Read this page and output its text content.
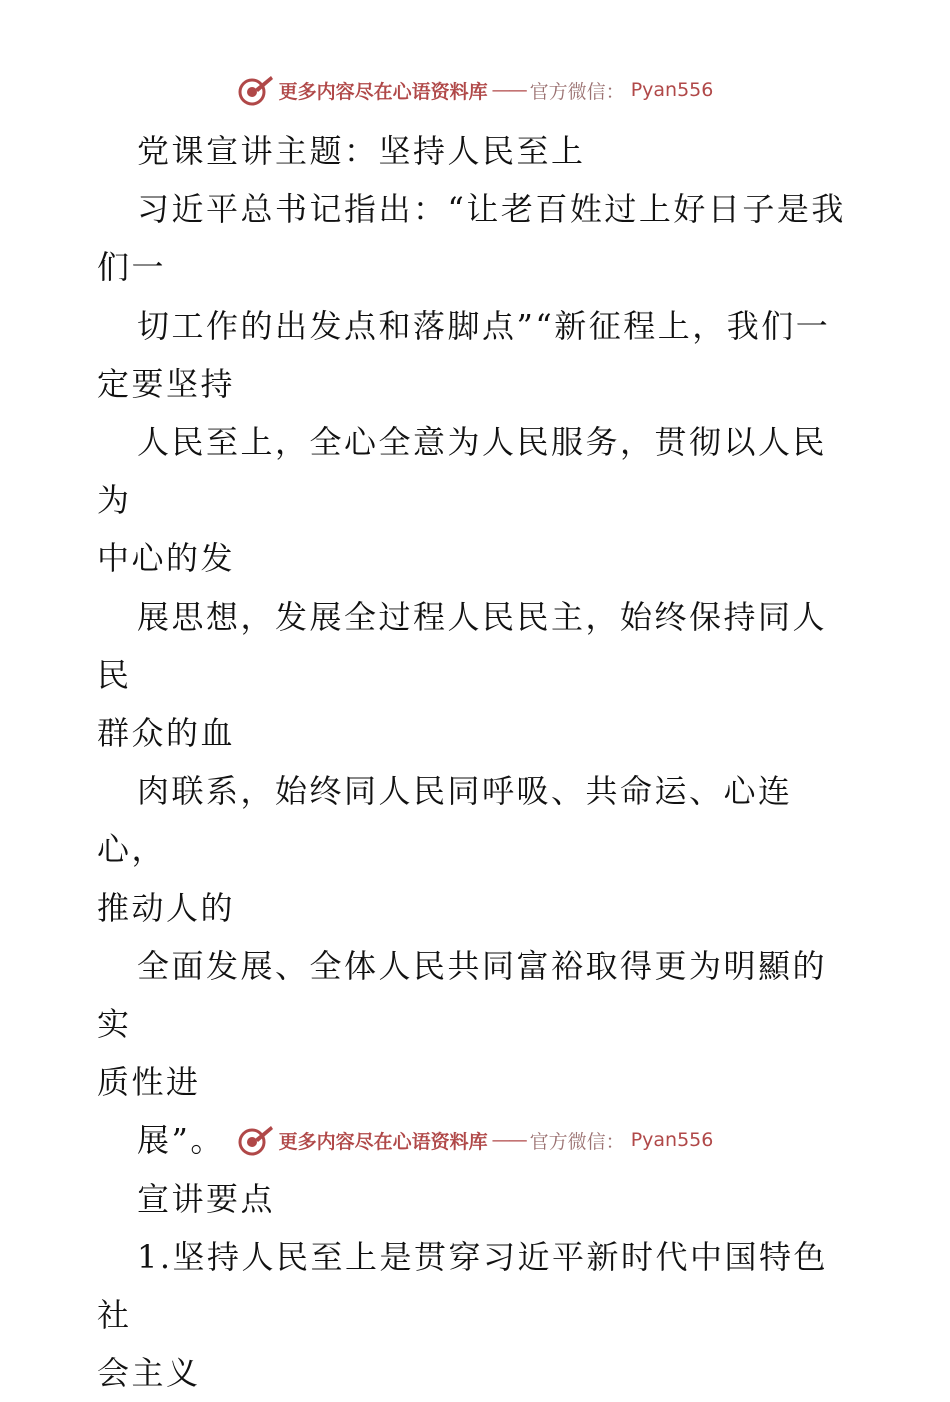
更多内容尽在心语资料库 —— 官方微信： Pyan556

党课宣讲主题：坚持人民至上

习近平总书记指出：“让老百姓过上好日子是我

们一

切工作的出发点和落脚点”“新征程上，我们一

定要坚持

人民至上，全心全意为人民服务，贯彻以人民为

中心的发

展思想，发展全过程人民民主，始终保持同人民

群众的血

肉联系，始终同人民同呼吸、共命运、心连心，

推动人的

全面发展、全体人民共同富裕取得更为明顯的实

质性进

展”。

宣讲要点

1.坚持人民至上是贯穿习近平新时代中国特色社

会主义

更多内容尽在心语资料库 —— 官方微信： Pyan556
